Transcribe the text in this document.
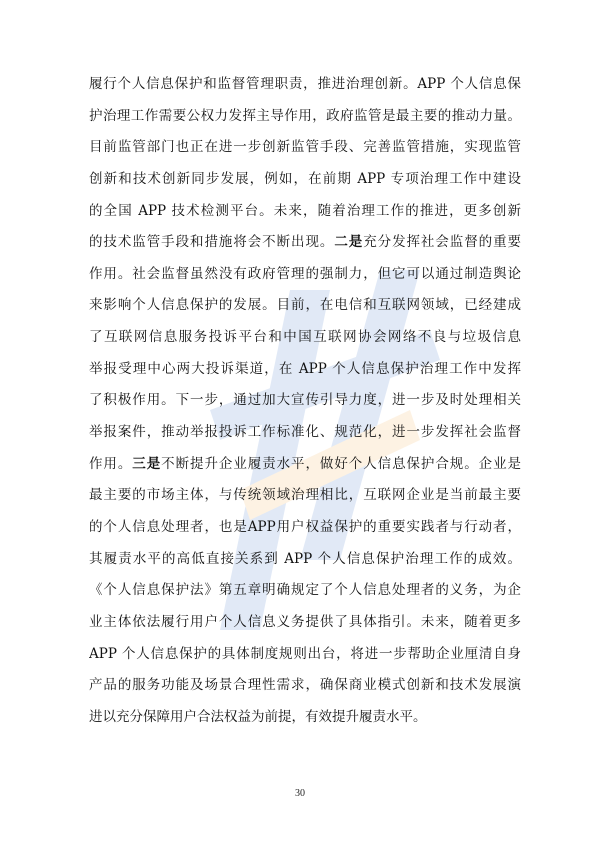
履行个人信息保护和监督管理职责，推进治理创新。APP 个人信息保
护治理工作需要公权力发挥主导作用，政府监管是最主要的推动力量。
目前监管部门也正在进一步创新监管手段、完善监管措施，实现监管
创新和技术创新同步发展，例如，在前期 APP 专项治理工作中建设
的全国 APP 技术检测平台。未来，随着治理工作的推进，更多创新
的技术监管手段和措施将会不断出现。二是充分发挥社会监督的重要
作用。社会监督虽然没有政府管理的强制力，但它可以通过制造舆论
来影响个人信息保护的发展。目前，在电信和互联网领域，已经建成
了互联网信息服务投诉平台和中国互联网协会网络不良与垃圾信息
举报受理中心两大投诉渠道，在 APP 个人信息保护治理工作中发挥
了积极作用。下一步，通过加大宣传引导力度，进一步及时处理相关
举报案件，推动举报投诉工作标准化、规范化，进一步发挥社会监督
作用。三是不断提升企业履责水平，做好个人信息保护合规。企业是
最主要的市场主体，与传统领域治理相比，互联网企业是当前最主要
的个人信息处理者，也是APP用户权益保护的重要实践者与行动者，
其履责水平的高低直接关系到 APP 个人信息保护治理工作的成效。
《个人信息保护法》第五章明确规定了个人信息处理者的义务，为企
业主体依法履行用户个人信息义务提供了具体指引。未来，随着更多
APP 个人信息保护的具体制度规则出台，将进一步帮助企业厘清自身
产品的服务功能及场景合理性需求，确保商业模式创新和技术发展演
进以充分保障用户合法权益为前提，有效提升履责水平。
30
